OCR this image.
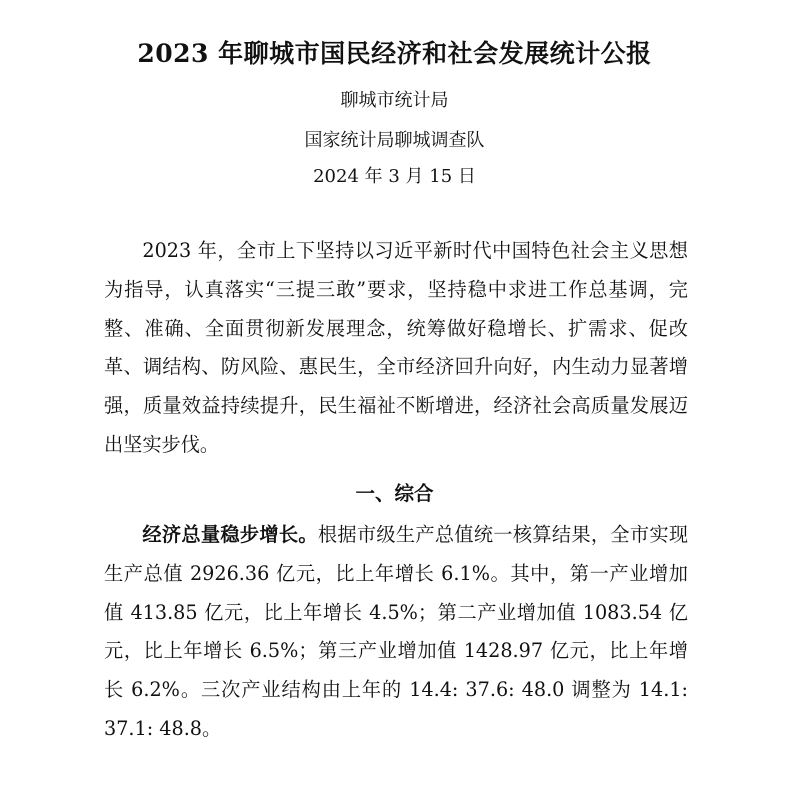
2023 年聊城市国民经济和社会发展统计公报
聊城市统计局
国家统计局聊城调查队
2024 年 3 月 15 日

2023 年，全市上下坚持以习近平新时代中国特色社会主义思想为指导，认真落实“三提三敢”要求，坚持稳中求进工作总基调，完整、准确、全面贯彻新发展理念，统筹做好稳增长、扩需求、促改革、调结构、防风险、惠民生，全市经济回升向好，内生动力显著增强，质量效益持续提升，民生福祉不断增进，经济社会高质量发展迈出坚实步伐。

一、综合

经济总量稳步增长。根据市级生产总值统一核算结果，全市实现生产总值 2926.36 亿元，比上年增长 6.1%。其中，第一产业增加值 413.85 亿元，比上年增长 4.5%；第二产业增加值 1083.54 亿元，比上年增长 6.5%；第三产业增加值 1428.97 亿元，比上年增长 6.2%。三次产业结构由上年的 14.4: 37.6: 48.0 调整为 14.1: 37.1: 48.8。
